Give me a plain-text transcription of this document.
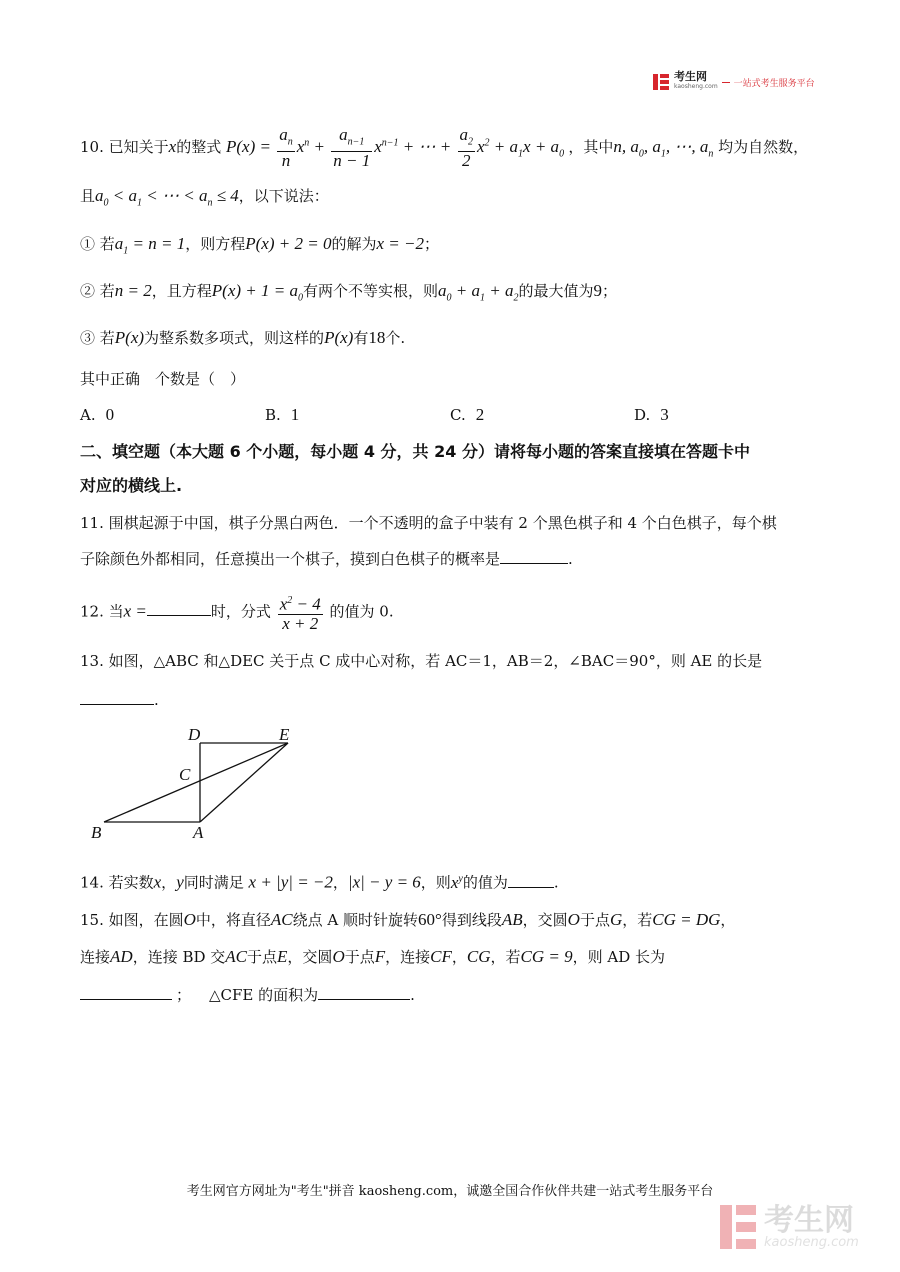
考生网
kaosheng.com 一站式考生服务平台
10. 已知关于x的整式 $P(x) = \frac{a_n}{n} x^n + \frac{a_{n-1}}{n - 1} x^{n-1}$ + ⋯ + $\frac{a_2}{2} x^2 + a_1x + a_0$ ，其中n, $a_0$, $a_1$, ⋯, $a_n$ 均为自然数，
且$a_0 < a_1$ < ⋯ < $a_n \le 4$，以下说法：
① 若$a_1 = n = 1$，则方程P(x) + 2 = 0的解为x = −2；
② 若n = 2，且方程$P(x) + 1 = a_0$有两个不等实根，则$a_0 + a_1 + a_2$的最大值为9；
③ 若P(x)为整系数多项式，则这样的P(x)有18个.
其中正确　个数是（　）
A. 0	B. 1	C. 2	D. 3
二、填空题（本大题 6 个小题，每小题 4 分，共 24 分）请将每小题的答案直接填在答题卡中
对应的横线上.
11. 围棋起源于中国，棋子分黑白两色．一个不透明的盒子中装有 2 个黑色棋子和 4 个白色棋子，每个棋
子除颜色外都相同，任意摸出一个棋子，摸到白色棋子的概率是	.
12. 当x =	时，分式 $\frac{x^2 - 4}{x + 2}$ 的值为 0.
13. 如图，△ABC 和△DEC 关于点 C 成中心对称，若 AC＝1，AB＝2，∠BAC＝90°，则 AE 的长是
.
D	E
C
B	A
14. 若实数x，y同时满足 x + |y| = −2，|x| − y = 6，则$x^y$的值为	.
15. 如图，在圆O中，将直径AC绕点 A 顺时针旋转60°得到线段AB，交圆O于点G，若CG = DG，
连接AD，连接 BD 交AC于点E，交圆O于点F，连接CF，CG，若CG = 9，则 AD 长为
； △CFE 的面积为	.
考生网官方网址为"考生"拼音 kaosheng.com，诚邀全国合作伙伴共建一站式考生服务平台
考生网
kaosheng.com
